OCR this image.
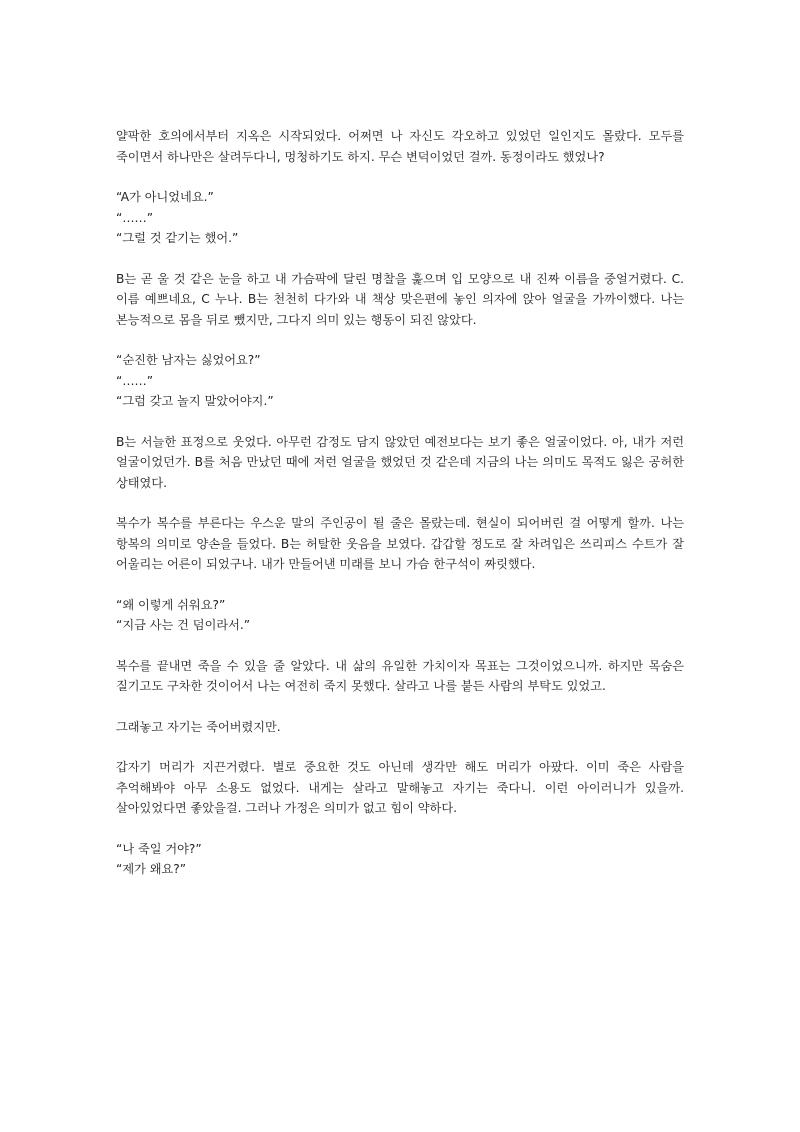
얄팍한 호의에서부터 지옥은 시작되었다. 어쩌면 나 자신도 각오하고 있었던 일인지도 몰랐다. 모두를 죽이면서 하나만은 살려두다니, 멍청하기도 하지. 무슨 변덕이었던 걸까. 동정이라도 했었나?

“A가 아니었네요.”
“……”
“그럴 것 같기는 했어.”

B는 곧 울 것 같은 눈을 하고 내 가슴팍에 달린 명찰을 훑으며 입 모양으로 내 진짜 이름을 중얼거렸다. C. 이름 예쁘네요, C 누나. B는 천천히 다가와 내 책상 맞은편에 놓인 의자에 앉아 얼굴을 가까이했다. 나는 본능적으로 몸을 뒤로 뺐지만, 그다지 의미 있는 행동이 되진 않았다.

“순진한 남자는 싫었어요?”
“……”
“그럼 갖고 놀지 말았어야지.”

B는 서늘한 표정으로 웃었다. 아무런 감정도 담지 않았던 예전보다는 보기 좋은 얼굴이었다. 아, 내가 저런 얼굴이었던가. B를 처음 만났던 때에 저런 얼굴을 했었던 것 같은데 지금의 나는 의미도 목적도 잃은 공허한 상태였다.

복수가 복수를 부른다는 우스운 말의 주인공이 될 줄은 몰랐는데. 현실이 되어버린 걸 어떻게 할까. 나는 항복의 의미로 양손을 들었다. B는 허탈한 웃음을 보였다. 갑갑할 정도로 잘 차려입은 쓰리피스 수트가 잘 어울리는 어른이 되었구나. 내가 만들어낸 미래를 보니 가슴 한구석이 짜릿했다.

“왜 이렇게 쉬워요?”
“지금 사는 건 덤이라서.”

복수를 끝내면 죽을 수 있을 줄 알았다. 내 삶의 유일한 가치이자 목표는 그것이었으니까. 하지만 목숨은 질기고도 구차한 것이어서 나는 여전히 죽지 못했다. 살라고 나를 붙든 사람의 부탁도 있었고.

그래놓고 자기는 죽어버렸지만.

갑자기 머리가 지끈거렸다. 별로 중요한 것도 아닌데 생각만 해도 머리가 아팠다. 이미 죽은 사람을 추억해봐야 아무 소용도 없었다. 내게는 살라고 말해놓고 자기는 죽다니. 이런 아이러니가 있을까. 살아있었다면 좋았을걸. 그러나 가정은 의미가 없고 힘이 약하다.

“나 죽일 거야?”
“제가 왜요?”
